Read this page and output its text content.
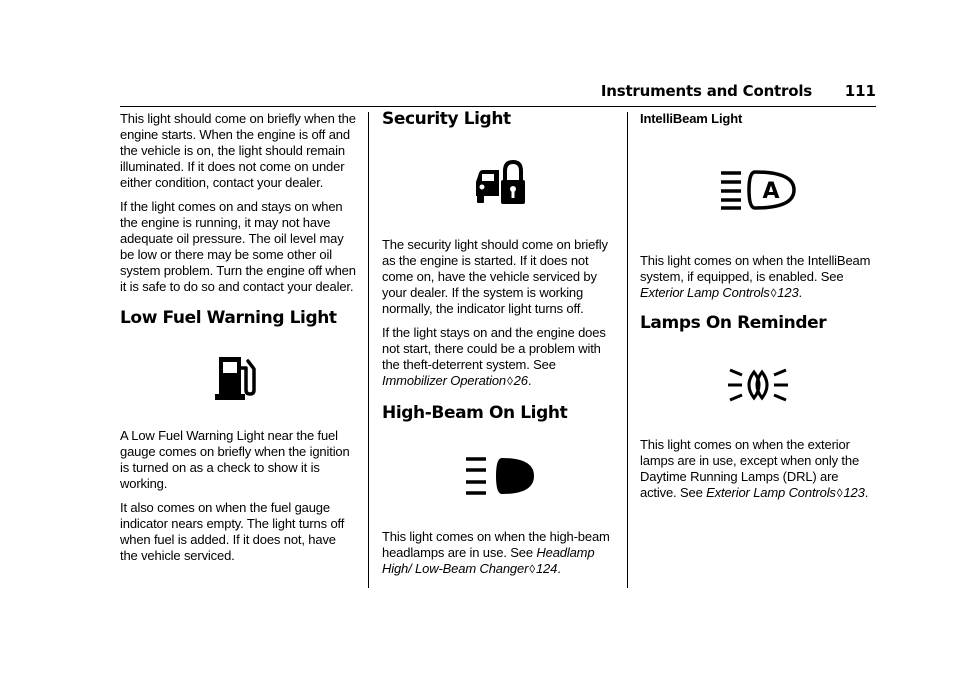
Instruments and Controls 111

This light should come on briefly when the engine starts. When the engine is off and the vehicle is on, the light should remain illuminated. If it does not come on under either condition, contact your dealer.

If the light comes on and stays on when the engine is running, it may not have adequate oil pressure. The oil level may be low or there may be some other oil system problem. Turn the engine off when it is safe to do so and contact your dealer.

Low Fuel Warning Light

A Low Fuel Warning Light near the fuel gauge comes on briefly when the ignition is turned on as a check to show it is working.

It also comes on when the fuel gauge indicator nears empty. The light turns off when fuel is added. If it does not, have the vehicle serviced.

Security Light

The security light should come on briefly as the engine is started. If it does not come on, have the vehicle serviced by your dealer. If the system is working normally, the indicator light turns off.

If the light stays on and the engine does not start, there could be a problem with the theft-deterrent system. See Immobilizer Operation ◊ 26.

High-Beam On Light

This light comes on when the high-beam headlamps are in use. See Headlamp High/ Low-Beam Changer ◊ 124.

IntelliBeam Light
A

This light comes on when the IntelliBeam system, if equipped, is enabled. See Exterior Lamp Controls ◊ 123.

Lamps On Reminder

This light comes on when the exterior lamps are in use, except when only the Daytime Running Lamps (DRL) are active. See Exterior Lamp Controls ◊ 123.
